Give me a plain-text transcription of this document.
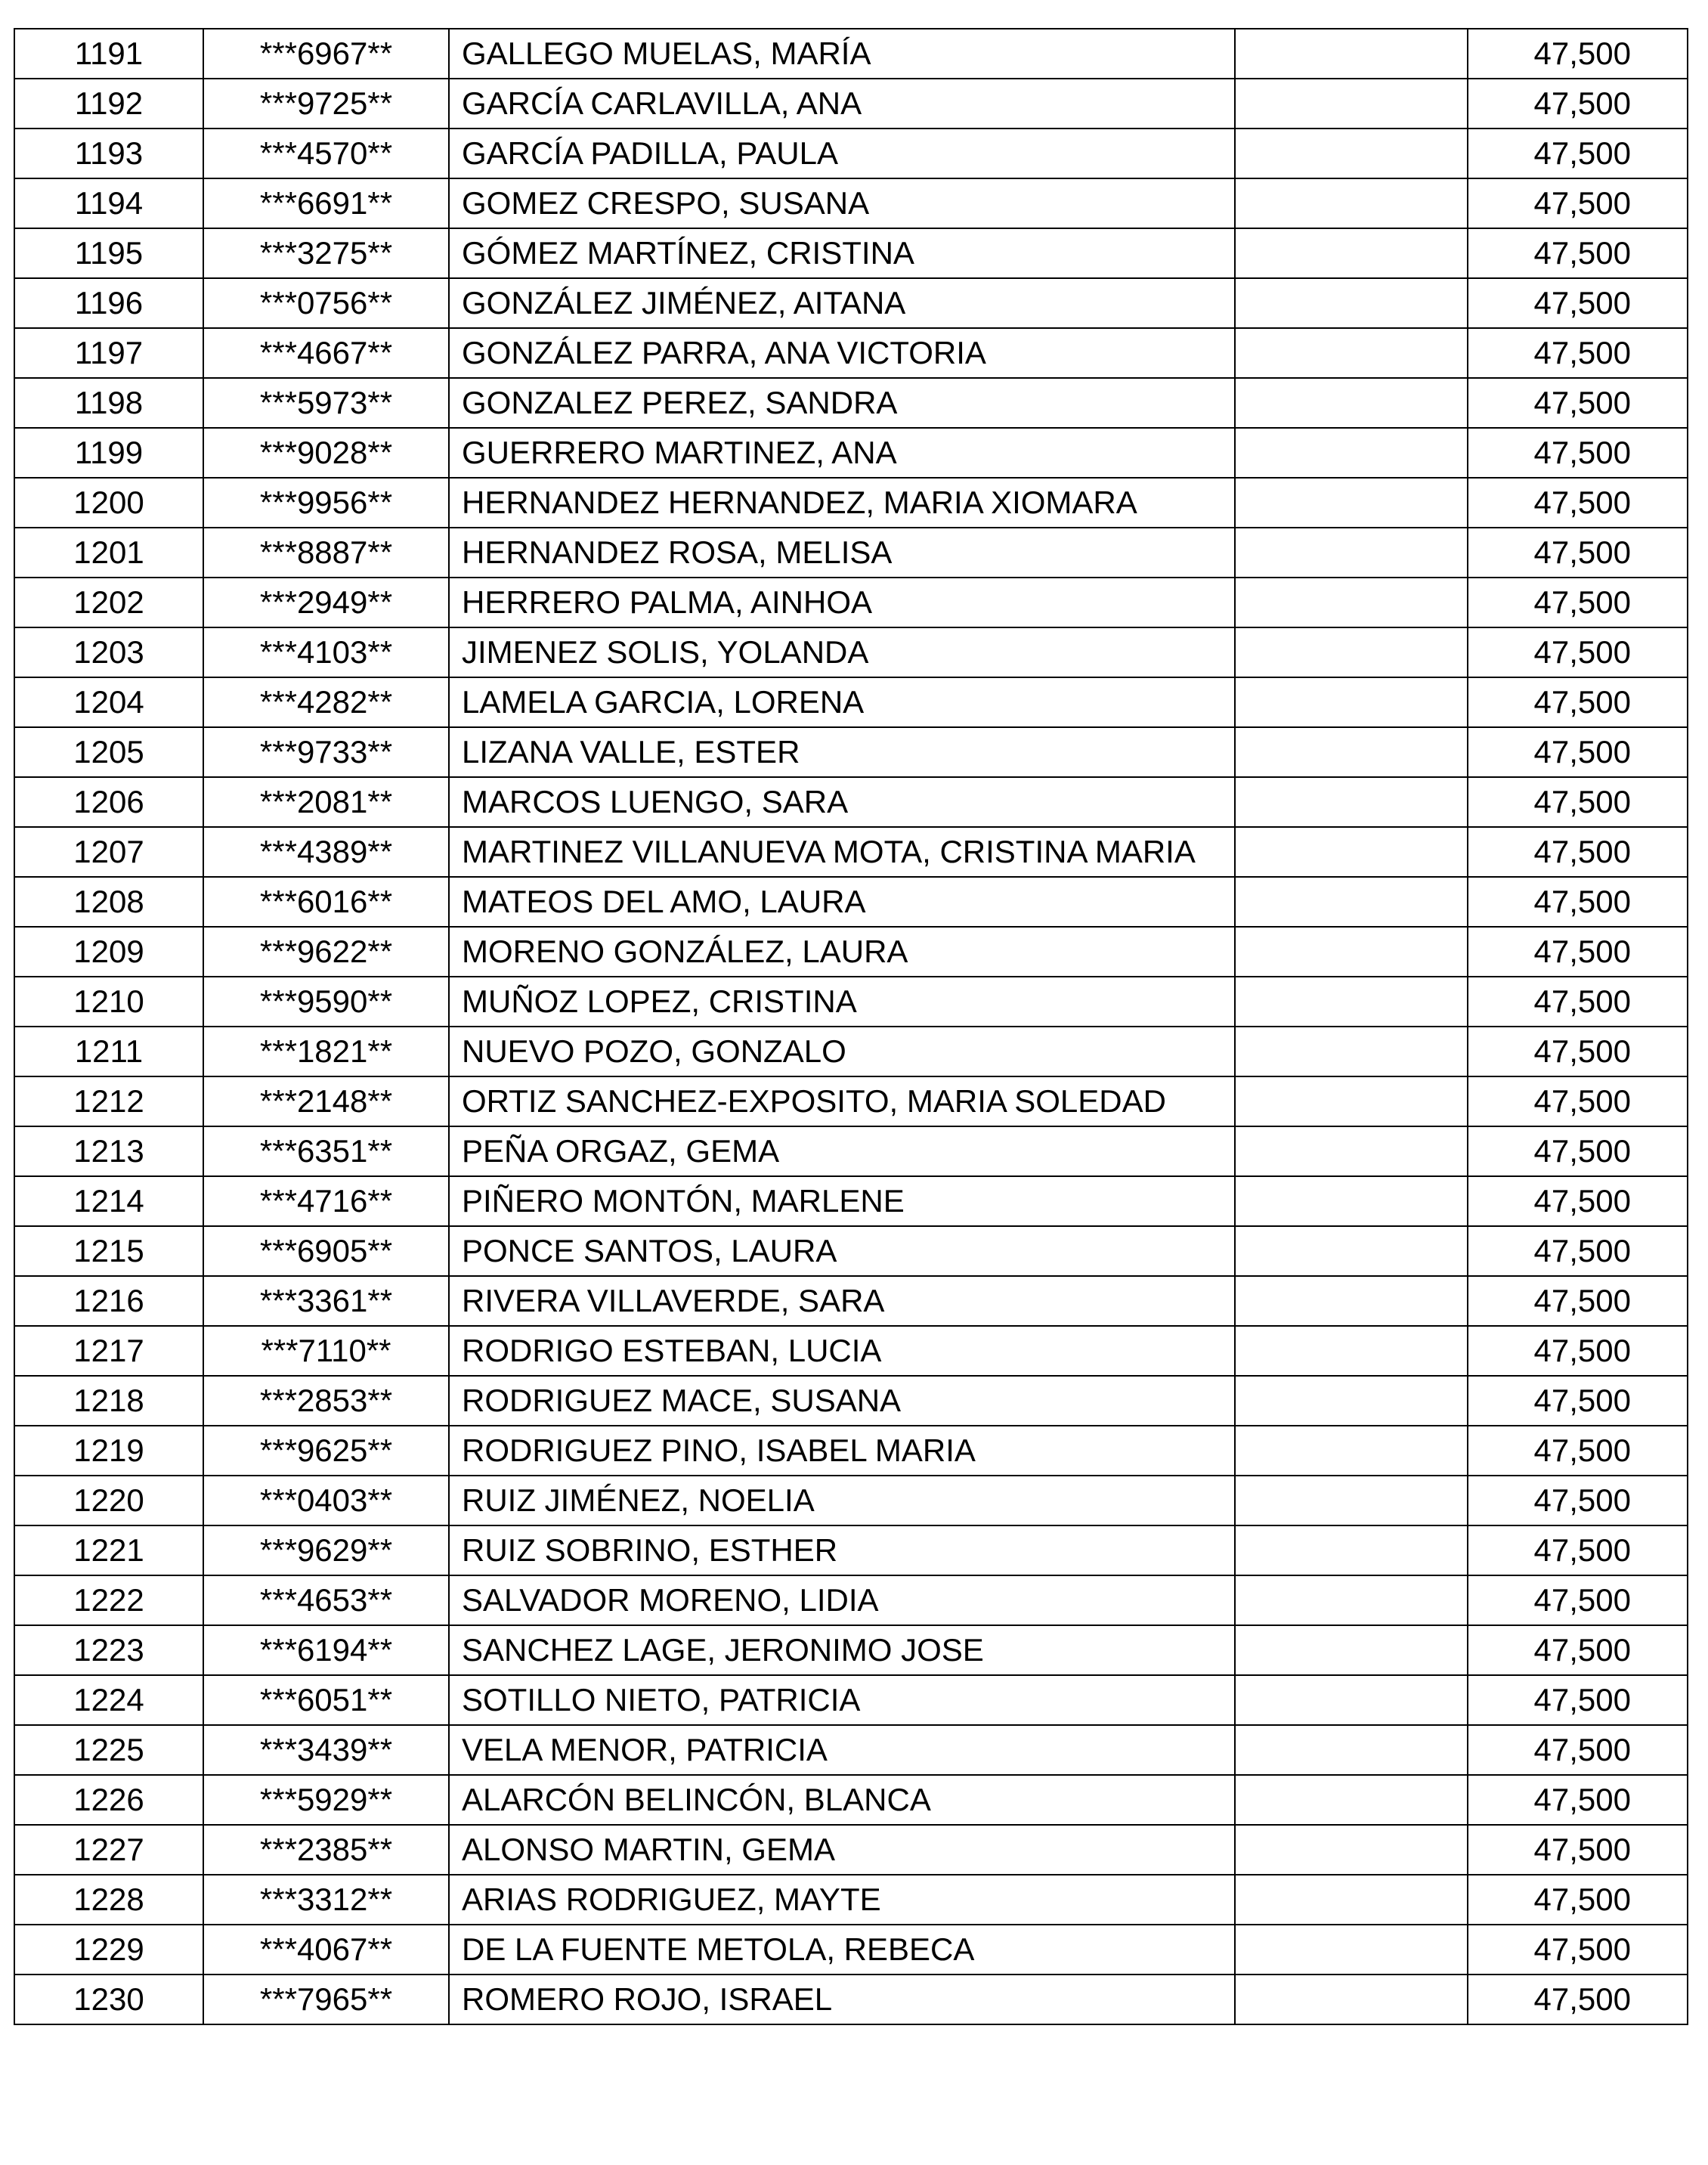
1191	***6967**	GALLEGO MUELAS, MARÍA		47,500
1192	***9725**	GARCÍA CARLAVILLA, ANA		47,500
1193	***4570**	GARCÍA PADILLA, PAULA		47,500
1194	***6691**	GOMEZ CRESPO, SUSANA		47,500
1195	***3275**	GÓMEZ MARTÍNEZ, CRISTINA		47,500
1196	***0756**	GONZÁLEZ JIMÉNEZ, AITANA		47,500
1197	***4667**	GONZÁLEZ PARRA, ANA VICTORIA		47,500
1198	***5973**	GONZALEZ PEREZ, SANDRA		47,500
1199	***9028**	GUERRERO MARTINEZ, ANA		47,500
1200	***9956**	HERNANDEZ HERNANDEZ, MARIA XIOMARA		47,500
1201	***8887**	HERNANDEZ ROSA, MELISA		47,500
1202	***2949**	HERRERO PALMA, AINHOA		47,500
1203	***4103**	JIMENEZ SOLIS, YOLANDA		47,500
1204	***4282**	LAMELA GARCIA, LORENA		47,500
1205	***9733**	LIZANA VALLE, ESTER		47,500
1206	***2081**	MARCOS LUENGO, SARA		47,500
1207	***4389**	MARTINEZ VILLANUEVA MOTA, CRISTINA MARIA		47,500
1208	***6016**	MATEOS DEL AMO, LAURA		47,500
1209	***9622**	MORENO GONZÁLEZ, LAURA		47,500
1210	***9590**	MUÑOZ LOPEZ, CRISTINA		47,500
1211	***1821**	NUEVO POZO, GONZALO		47,500
1212	***2148**	ORTIZ SANCHEZ-EXPOSITO, MARIA SOLEDAD		47,500
1213	***6351**	PEÑA ORGAZ, GEMA		47,500
1214	***4716**	PIÑERO MONTÓN, MARLENE		47,500
1215	***6905**	PONCE SANTOS, LAURA		47,500
1216	***3361**	RIVERA VILLAVERDE, SARA		47,500
1217	***7110**	RODRIGO ESTEBAN, LUCIA		47,500
1218	***2853**	RODRIGUEZ MACE, SUSANA		47,500
1219	***9625**	RODRIGUEZ PINO, ISABEL MARIA		47,500
1220	***0403**	RUIZ JIMÉNEZ, NOELIA		47,500
1221	***9629**	RUIZ SOBRINO, ESTHER		47,500
1222	***4653**	SALVADOR MORENO, LIDIA		47,500
1223	***6194**	SANCHEZ LAGE, JERONIMO JOSE		47,500
1224	***6051**	SOTILLO NIETO, PATRICIA		47,500
1225	***3439**	VELA MENOR, PATRICIA		47,500
1226	***5929**	ALARCÓN BELINCÓN, BLANCA		47,500
1227	***2385**	ALONSO MARTIN, GEMA		47,500
1228	***3312**	ARIAS RODRIGUEZ, MAYTE		47,500
1229	***4067**	DE LA FUENTE METOLA, REBECA		47,500
1230	***7965**	ROMERO ROJO, ISRAEL		47,500
